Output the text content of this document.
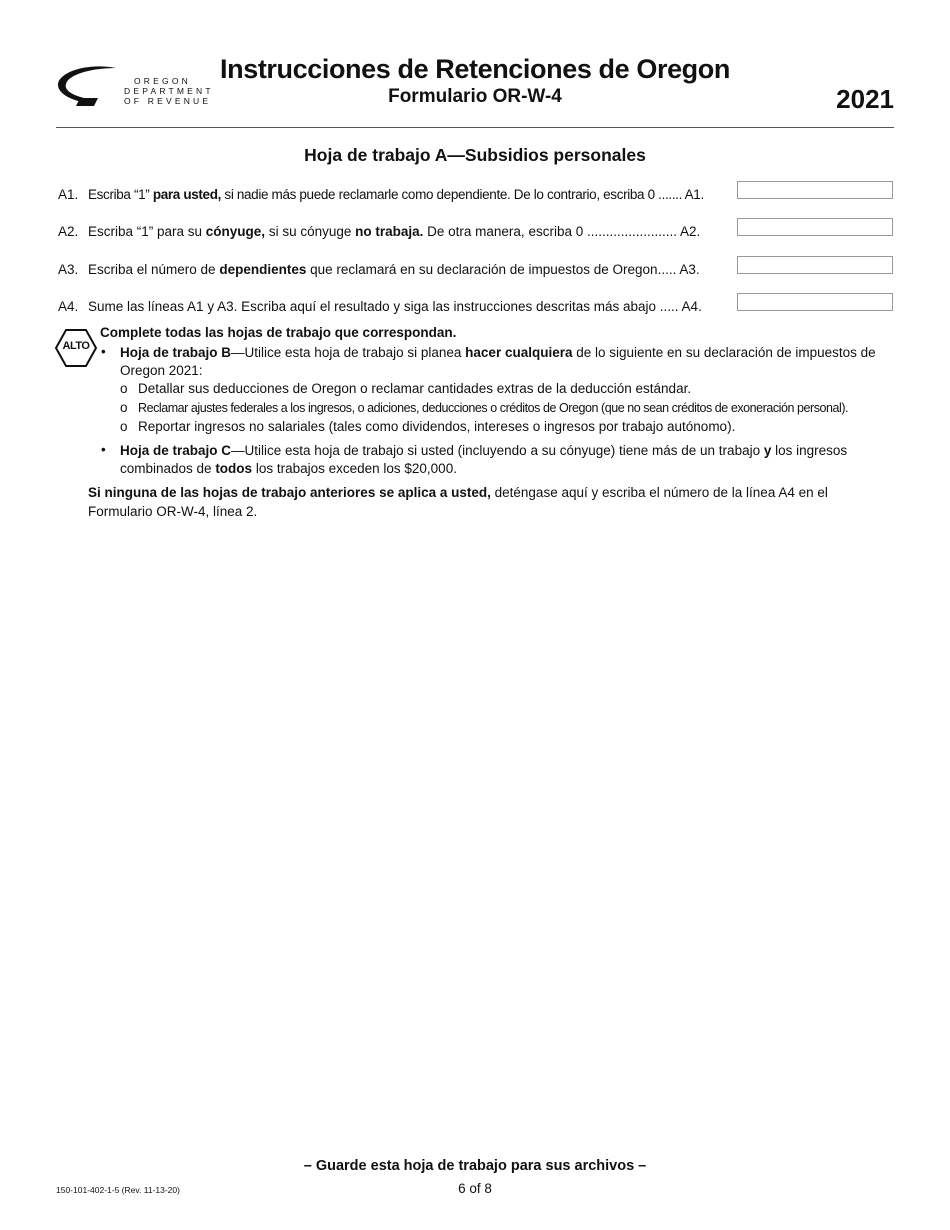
OREGON
DEPARTMENT
OF REVENUE
Instrucciones de Retenciones de Oregon
Formulario OR-W-4	2021
Hoja de trabajo A—Subsidios personales
A1. Escriba “1” para usted, si nadie más puede reclamarle como dependiente. De lo contrario, escriba 0 ....... A1.
A2. Escriba “1” para su cónyuge, si su cónyuge no trabaja. De otra manera, escriba 0 ........................ A2.
A3. Escriba el número de dependientes que reclamará en su declaración de impuestos de Oregon..... A3.
A4. Sume las líneas A1 y A3. Escriba aquí el resultado y siga las instrucciones descritas más abajo ..... A4.
ALTO
Complete todas las hojas de trabajo que correspondan.
• Hoja de trabajo B—Utilice esta hoja de trabajo si planea hacer cualquiera de lo siguiente en su declaración de impuestos de Oregon 2021:
o Detallar sus deducciones de Oregon o reclamar cantidades extras de la deducción estándar.
o Reclamar ajustes federales a los ingresos, o adiciones, deducciones o créditos de Oregon (que no sean créditos de exoneración personal).
o Reportar ingresos no salariales (tales como dividendos, intereses o ingresos por trabajo autónomo).
• Hoja de trabajo C—Utilice esta hoja de trabajo si usted (incluyendo a su cónyuge) tiene más de un trabajo y los ingresos combinados de todos los trabajos exceden los $20,000.
Si ninguna de las hojas de trabajo anteriores se aplica a usted, deténgase aquí y escriba el número de la línea A4 en el Formulario OR-W-4, línea 2.
– Guarde esta hoja de trabajo para sus archivos –
6 of 8
150-101-402-1-5 (Rev. 11-13-20)
